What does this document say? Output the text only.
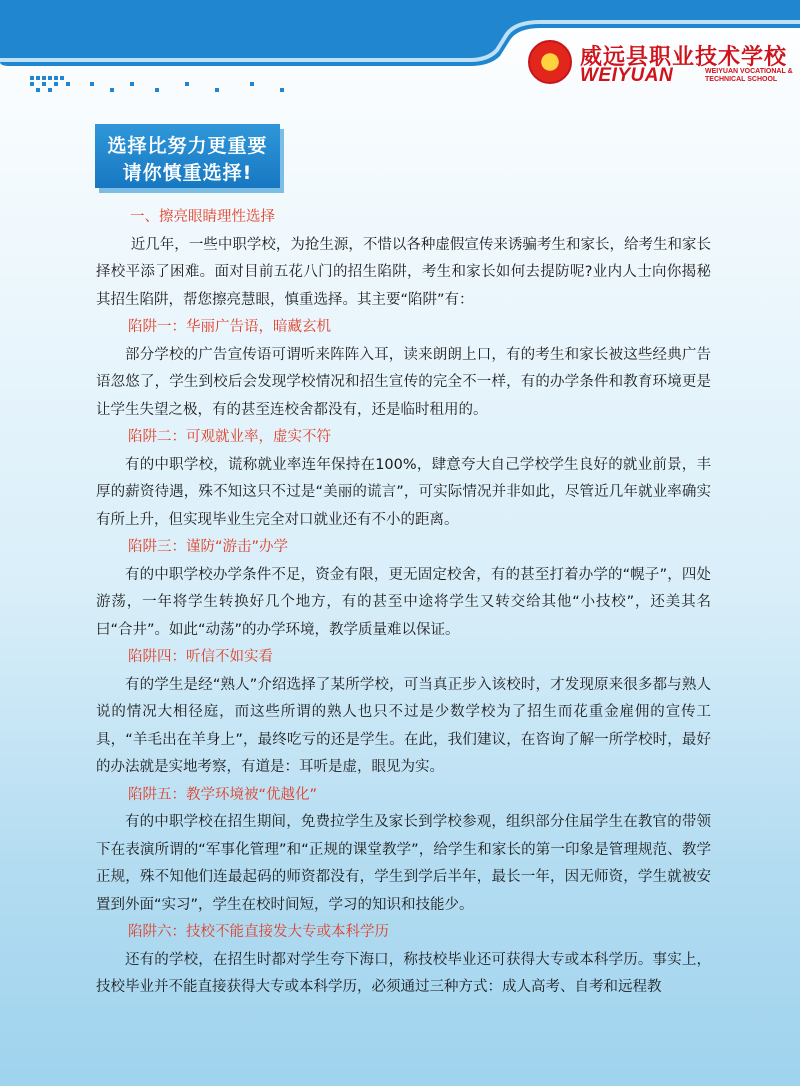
威远县职业技术学校
WEIYUAN	WEIYUAN VOCATIONAL & TECHNICAL SCHOOL
选择比努力更重要
请你慎重选择!

一、擦亮眼睛理性选择

近几年，一些中职学校，为抢生源，不惜以各种虚假宣传来诱骗考生和家长，给考生和家长择校平添了困难。面对目前五花八门的招生陷阱，考生和家长如何去提防呢?业内人士向你揭秘其招生陷阱，帮您擦亮慧眼，慎重选择。其主要“陷阱”有：

陷阱一：华丽广告语，暗藏玄机

部分学校的广告宣传语可谓听来阵阵入耳，读来朗朗上口，有的考生和家长被这些经典广告语忽悠了，学生到校后会发现学校情况和招生宣传的完全不一样，有的办学条件和教育环境更是让学生失望之极，有的甚至连校舍都没有，还是临时租用的。

陷阱二：可观就业率，虚实不符

有的中职学校，谎称就业率连年保持在100%，肆意夸大自己学校学生良好的就业前景，丰厚的薪资待遇，殊不知这只不过是“美丽的谎言”，可实际情况并非如此，尽管近几年就业率确实有所上升，但实现毕业生完全对口就业还有不小的距离。

陷阱三：谨防“游击”办学

有的中职学校办学条件不足，资金有限，更无固定校舍，有的甚至打着办学的“幌子”，四处游荡，一年将学生转换好几个地方，有的甚至中途将学生又转交给其他“小技校”，还美其名曰“合井”。如此“动荡”的办学环境，教学质量难以保证。

陷阱四：听信不如实看

有的学生是经“熟人”介绍选择了某所学校，可当真正步入该校时，才发现原来很多都与熟人说的情况大相径庭，而这些所谓的熟人也只不过是少数学校为了招生而花重金雇佣的宣传工具，“羊毛出在羊身上”，最终吃亏的还是学生。在此，我们建议，在咨询了解一所学校时，最好的办法就是实地考察，有道是：耳听是虚，眼见为实。

陷阱五：教学环境被“优越化”

有的中职学校在招生期间，免费拉学生及家长到学校参观，组织部分住届学生在教官的带领下在表演所谓的“军事化管理”和“正规的课堂教学”，给学生和家长的第一印象是管理规范、教学正规，殊不知他们连最起码的师资都没有，学生到学后半年，最长一年，因无师资，学生就被安置到外面“实习”，学生在校时间短，学习的知识和技能少。

陷阱六：技校不能直接发大专或本科学历

还有的学校，在招生时都对学生夸下海口，称技校毕业还可获得大专或本科学历。事实上，技校毕业并不能直接获得大专或本科学历，必须通过三种方式：成人高考、自考和远程教
